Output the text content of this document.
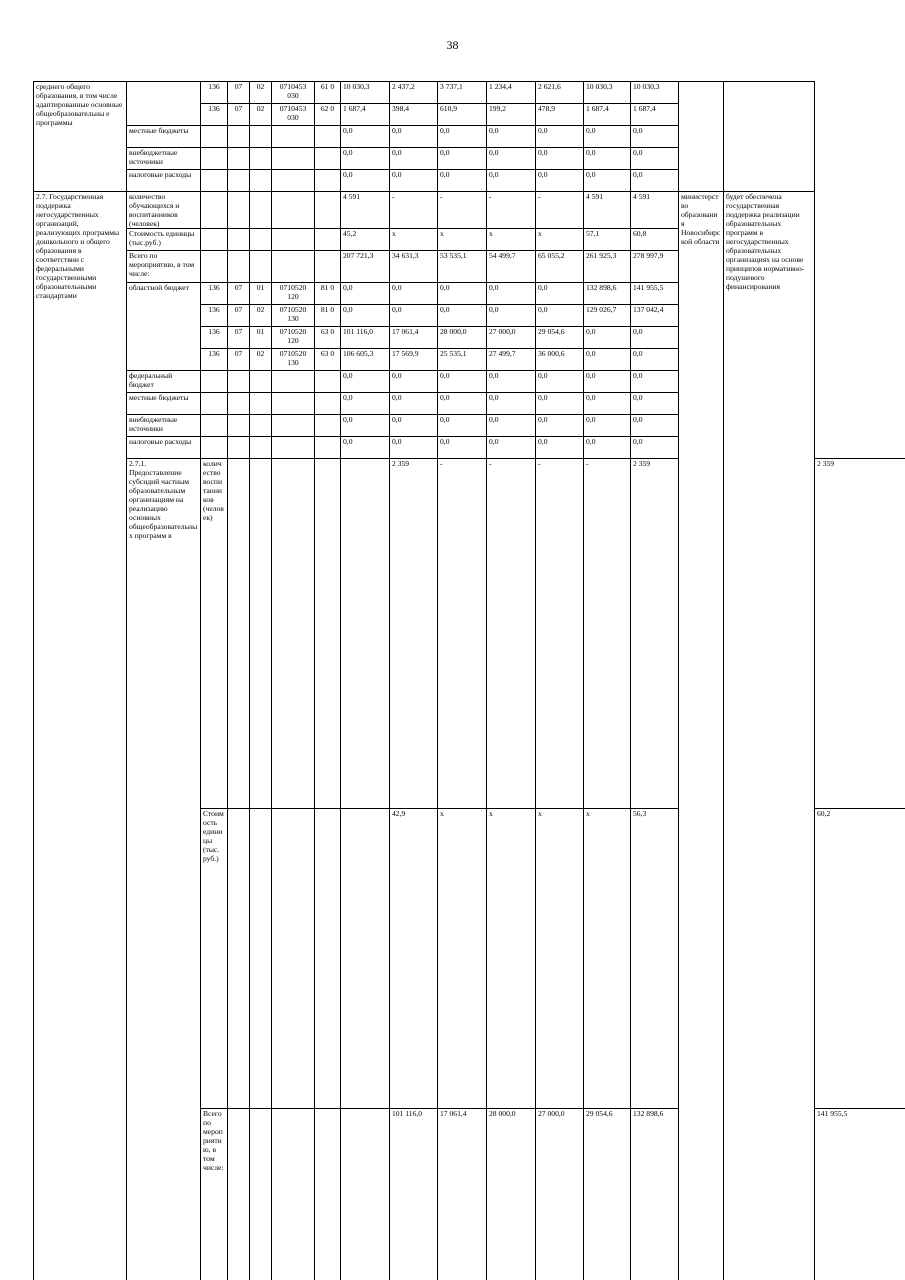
38
среднего общего образования, в том числе адаптированные основные общеобразовательны е программы		136	07	02	0710453 030	61 0	10 030,3	2 437,2	3 737,1	1 234,4	2 621,6	10 030,3	10 030,3				
		136	07	02	0710453 030	62 0	1 687,4	398,4	610,9	199,2	478,9	1 687,4	1 687,4				
	местные бюджеты						0,0	0,0	0,0	0,0	0,0	0,0	0,0				
	внебюджетные источники						0,0	0,0	0,0	0,0	0,0	0,0	0,0				
	налоговые расходы						0,0	0,0	0,0	0,0	0,0	0,0	0,0				
2.7. Государственная поддержка негосударственных организаций, реализующих программы дошкольного и общего образования в соответствии с федеральными государственными образовательными стандартами	количество обучающихся и воспитанников (человек)						4 591	-	-	-	-	4 591	4 591	министерство образования Новосибирской области	будет обеспечена государственная поддержка реализации образовательных программ в негосударственных образовательных организациях на основе принципов нормативно-подушевого финансирования		
	Стоимость единицы (тыс.руб.)						45,2	х	х	х	х	57,1	60,8				
	Всего по мероприятию, в том числе:						207 721,3	34 631,3	53 535,1	54 499,7	65 055,2	261 925,3	278 997,9				
	областной бюджет	136	07	01	0710520 120	81 0	0,0	0,0	0,0	0,0	0,0	132 898,6	141 955,5				
		136	07	02	0710520 130	81 0	0,0	0,0	0,0	0,0	0,0	129 026,7	137 042,4				
		136	07	01	0710520 120	63 0	101 116,0	17 061,4	28 000,0	27 000,0	29 054,6	0,0	0,0				
		136	07	02	0710520 130	63 0	106 605,3	17 569,9	25 535,1	27 499,7	36 000,6	0,0	0,0				
	федеральный бюджет						0,0	0,0	0,0	0,0	0,0	0,0	0,0				
	местные бюджеты						0,0	0,0	0,0	0,0	0,0	0,0	0,0				
	внебюджетные источники						0,0	0,0	0,0	0,0	0,0	0,0	0,0				
	налоговые расходы						0,0	0,0	0,0	0,0	0,0	0,0	0,0				
	2.7.1. Предоставление субсидий частным образовательным организациям на реализацию основных общеобразовательны х программ в	количество воспитанников (человек)						2 359	-	-	-	-	2 359			2 359		
		Стоимость единицы (тыс. руб.)						42,9	х	х	х	х	56,3			60,2	
		Всего по мероприятию, в том числе:						101 116,0	17 061,4	28 000,0	27 000,0	29 054,6	132 898,6			141 955,5	
